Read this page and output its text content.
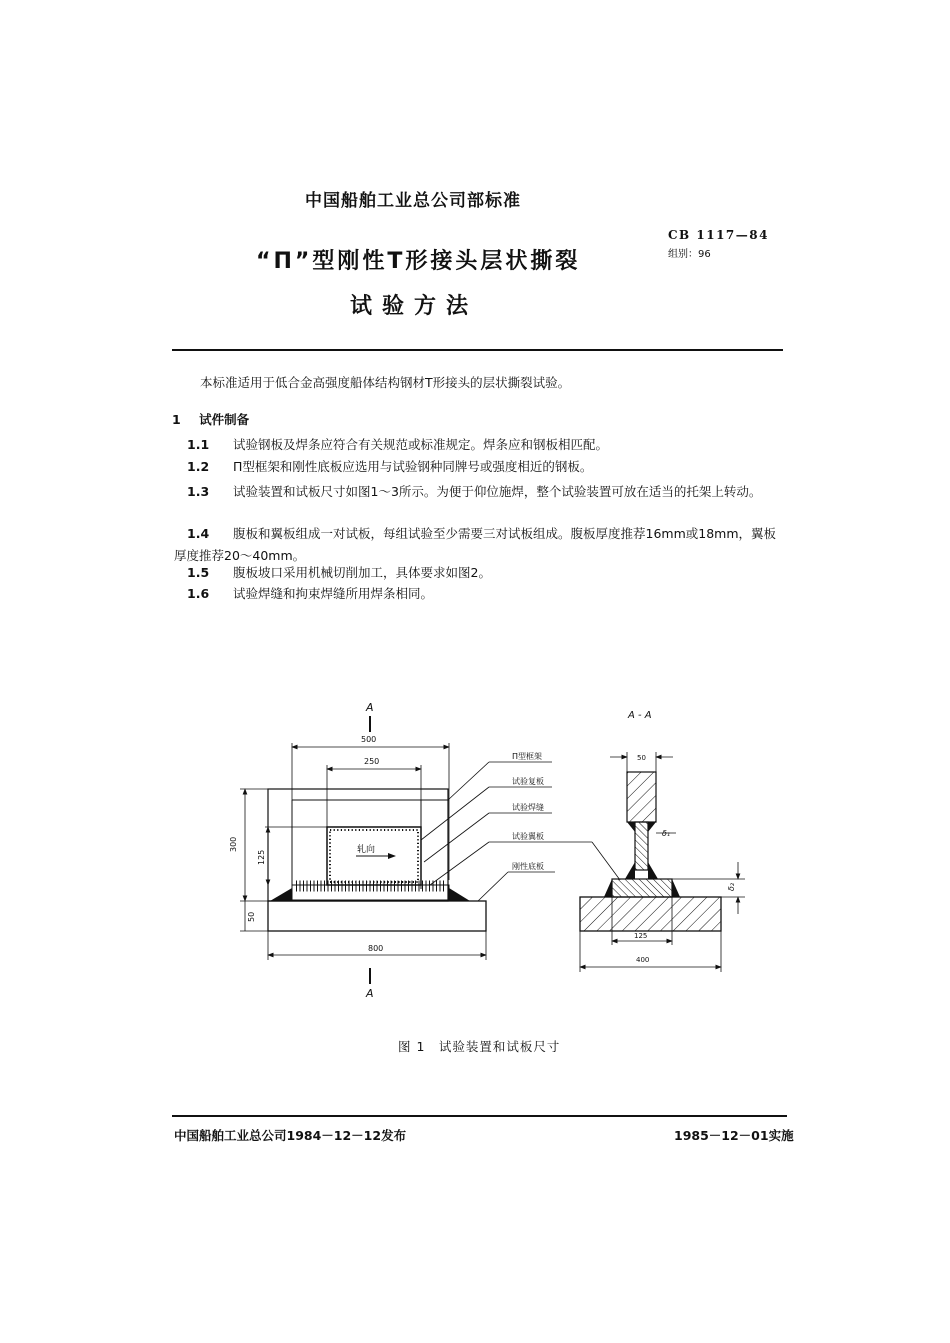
中国船舶工业总公司部标准
“П”型刚性T形接头层状撕裂
试验方法
CB 1117—84
组别：96
本标准适用于低合金高强度船体结构钢材T形接头的层状撕裂试验。
1 试件制备
1.1 试验钢板及焊条应符合有关规范或标准规定。焊条应和钢板相匹配。
1.2 П型框架和刚性底板应选用与试验钢种同牌号或强度相近的钢板。
1.3 试验装置和试板尺寸如图1～3所示。为便于仰位施焊，整个试验装置可放在适当的托架上转动。
1.4 腹板和翼板组成一对试板，每组试验至少需要三对试板组成。腹板厚度推荐16mm或18mm，翼板厚度推荐20～40mm。
1.5 腹板坡口采用机械切削加工，具体要求如图2。
1.6 试验焊缝和拘束焊缝所用焊条相同。
A
A
500
250
轧向
300
50
125
800
П型框架
试验复板
试验焊缝
试验翼板
刚性底板
A - A
50
δ₁
δ₂
125
400
图 1　试验装置和试板尺寸
中国船舶工业总公司1984－12－12发布	1985－12－01实施
